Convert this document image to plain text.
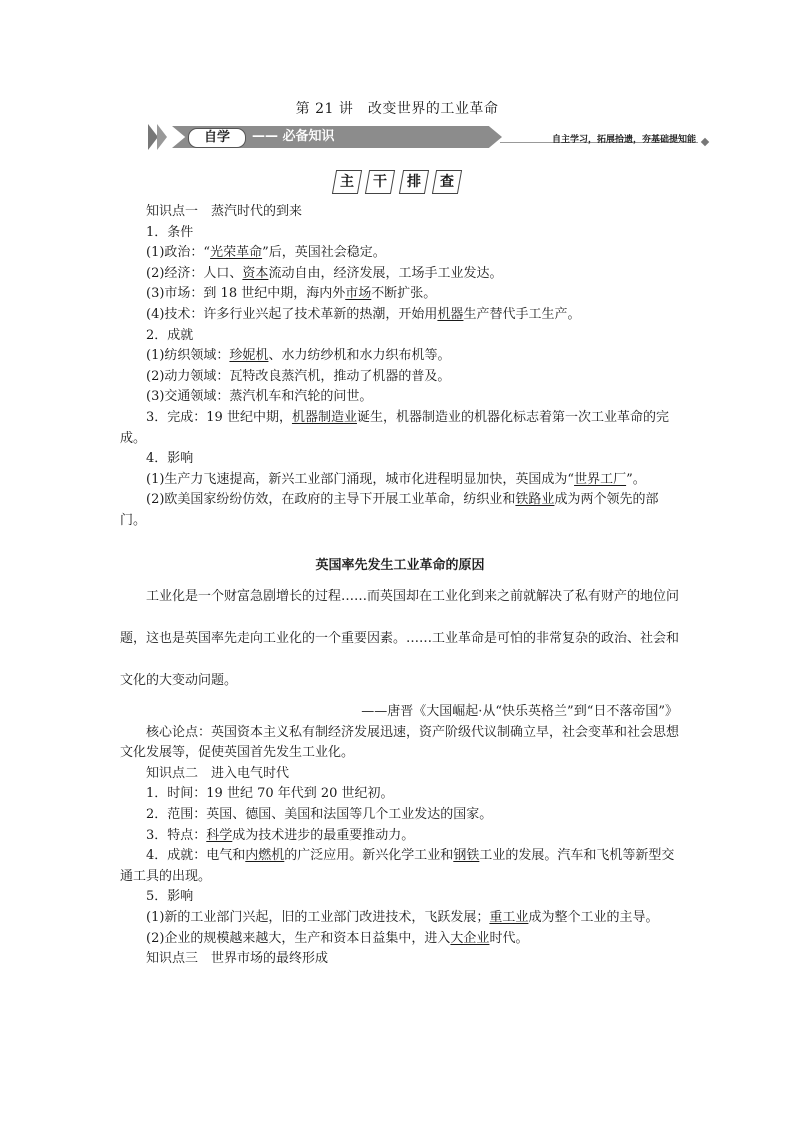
第 21 讲　改变世界的工业革命
自学	—— 必备知识	自主学习，拓展拾遗，夯基础提知能
主 干 排 查

知识点一　蒸汽时代的到来

1．条件

(1)政治：“光荣革命”后，英国社会稳定。

(2)经济：人口、资本流动自由，经济发展，工场手工业发达。

(3)市场：到 18 世纪中期，海内外市场不断扩张。

(4)技术：许多行业兴起了技术革新的热潮，开始用机器生产替代手工生产。

2．成就

(1)纺织领域：珍妮机、水力纺纱机和水力织布机等。

(2)动力领域：瓦特改良蒸汽机，推动了机器的普及。

(3)交通领域：蒸汽机车和汽轮的问世。

3．完成：19 世纪中期，机器制造业诞生，机器制造业的机器化标志着第一次工业革命的完成。

4．影响

(1)生产力飞速提高，新兴工业部门涌现，城市化进程明显加快，英国成为“世界工厂”。

(2)欧美国家纷纷仿效，在政府的主导下开展工业革命，纺织业和铁路业成为两个领先的部门。

英国率先发生工业革命的原因

工业化是一个财富急剧增长的过程……而英国却在工业化到来之前就解决了私有财产的地位问题，这也是英国率先走向工业化的一个重要因素。……工业革命是可怕的非常复杂的政治、社会和文化的大变动问题。

——唐晋《大国崛起·从“快乐英格兰”到“日不落帝国”》

核心论点：英国资本主义私有制经济发展迅速，资产阶级代议制确立早，社会变革和社会思想文化发展等，促使英国首先发生工业化。

知识点二　进入电气时代

1．时间：19 世纪 70 年代到 20 世纪初。

2．范围：英国、德国、美国和法国等几个工业发达的国家。

3．特点：科学成为技术进步的最重要推动力。

4．成就：电气和内燃机的广泛应用。新兴化学工业和钢铁工业的发展。汽车和飞机等新型交通工具的出现。

5．影响

(1)新的工业部门兴起，旧的工业部门改进技术，飞跃发展；重工业成为整个工业的主导。

(2)企业的规模越来越大，生产和资本日益集中，进入大企业时代。

知识点三　世界市场的最终形成
